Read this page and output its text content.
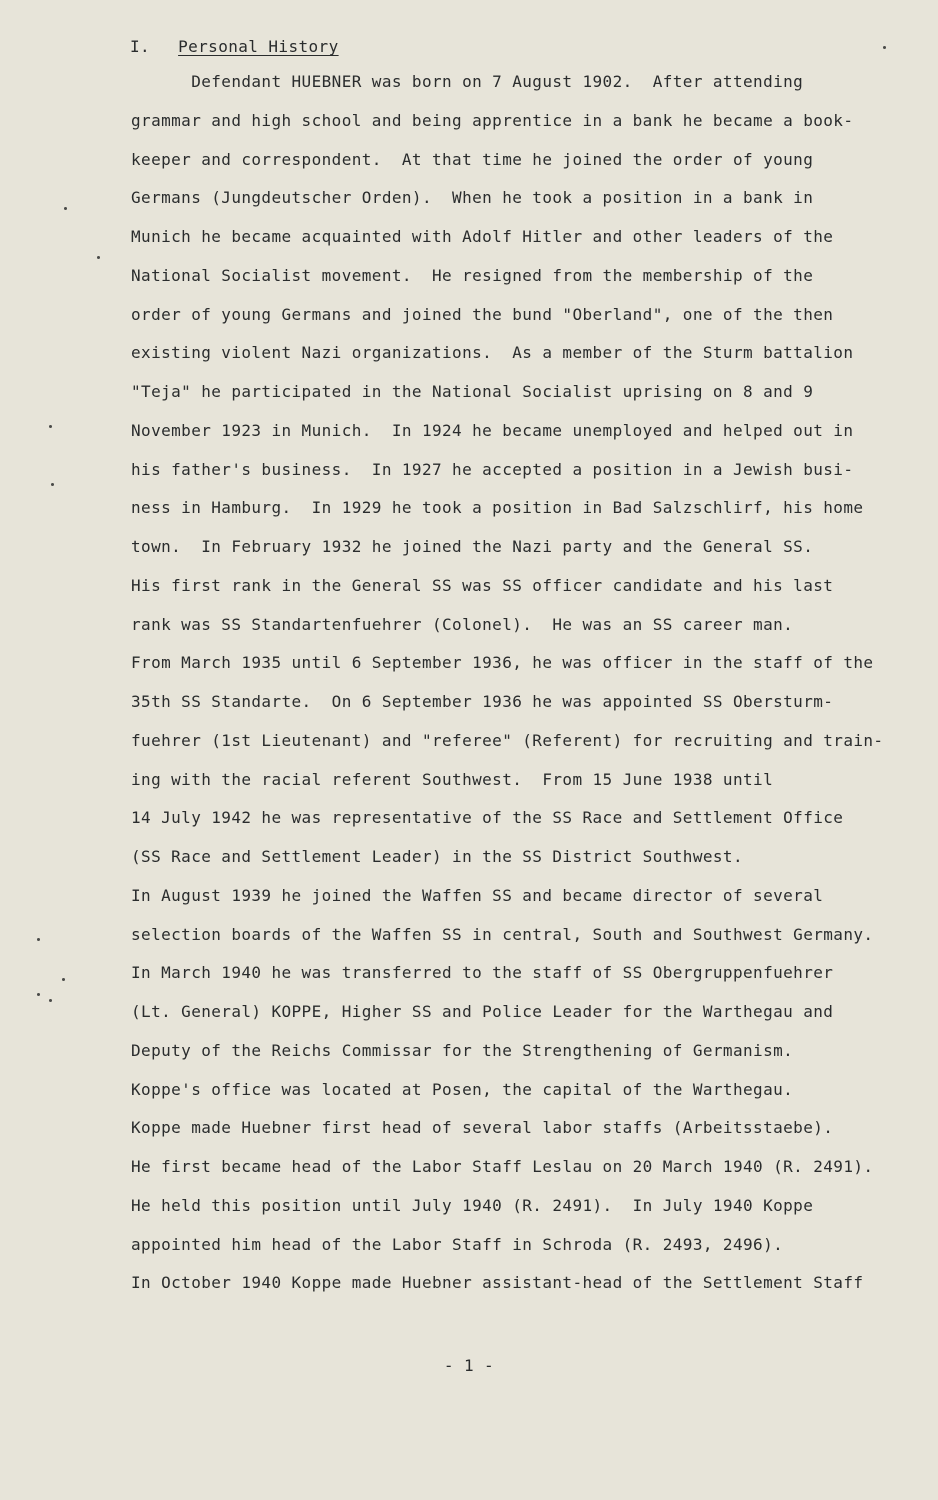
I. Personal History
Defendant HUEBNER was born on 7 August 1902.  After attending
grammar and high school and being apprentice in a bank he became a book-
keeper and correspondent.  At that time he joined the order of young
Germans (Jungdeutscher Orden).  When he took a position in a bank in
Munich he became acquainted with Adolf Hitler and other leaders of the
National Socialist movement.  He resigned from the membership of the
order of young Germans and joined the bund "Oberland", one of the then
existing violent Nazi organizations.  As a member of the Sturm battalion
"Teja" he participated in the National Socialist uprising on 8 and 9
November 1923 in Munich.  In 1924 he became unemployed and helped out in
his father's business.  In 1927 he accepted a position in a Jewish busi-
ness in Hamburg.  In 1929 he took a position in Bad Salzschlirf, his home
town.  In February 1932 he joined the Nazi party and the General SS.
His first rank in the General SS was SS officer candidate and his last
rank was SS Standartenfuehrer (Colonel).  He was an SS career man.
From March 1935 until 6 September 1936, he was officer in the staff of the
35th SS Standarte.  On 6 September 1936 he was appointed SS Obersturm-
fuehrer (1st Lieutenant) and "referee" (Referent) for recruiting and train-
ing with the racial referent Southwest.  From 15 June 1938 until
14 July 1942 he was representative of the SS Race and Settlement Office
(SS Race and Settlement Leader) in the SS District Southwest.
In August 1939 he joined the Waffen SS and became director of several
selection boards of the Waffen SS in central, South and Southwest Germany.
In March 1940 he was transferred to the staff of SS Obergruppenfuehrer
(Lt. General) KOPPE, Higher SS and Police Leader for the Warthegau and
Deputy of the Reichs Commissar for the Strengthening of Germanism.
Koppe's office was located at Posen, the capital of the Warthegau.
Koppe made Huebner first head of several labor staffs (Arbeitsstaebe).
He first became head of the Labor Staff Leslau on 20 March 1940 (R. 2491).
He held this position until July 1940 (R. 2491).  In July 1940 Koppe
appointed him head of the Labor Staff in Schroda (R. 2493, 2496).
In October 1940 Koppe made Huebner assistant-head of the Settlement Staff
- 1 -
